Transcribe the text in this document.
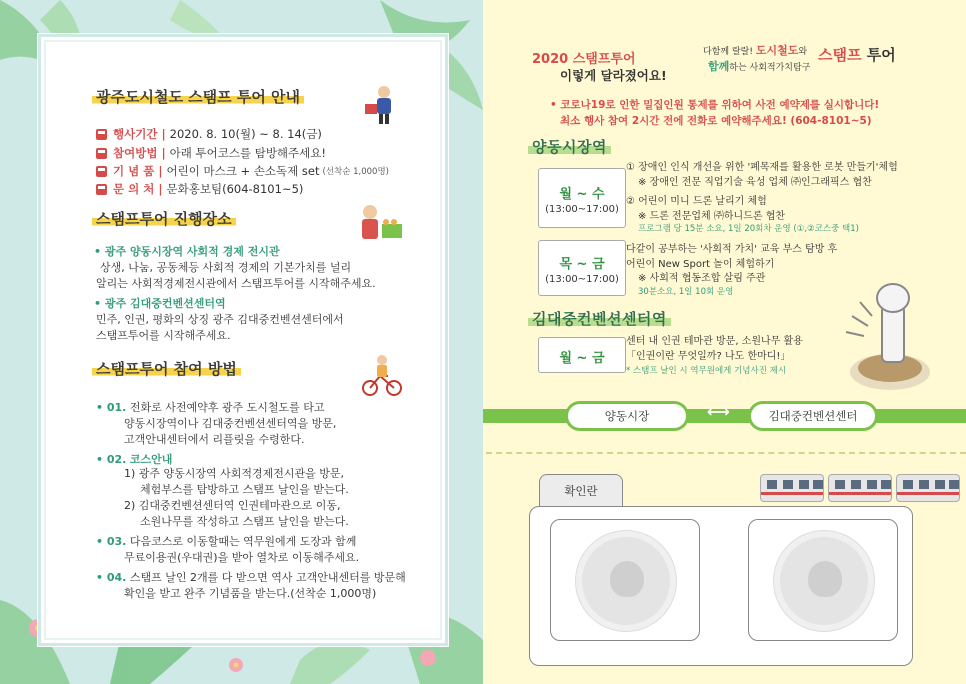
광주도시철도 스탬프 투어 안내
행사기간 | 2020. 8. 10(월) ~ 8. 14(금)
참여방법 | 아래 투어코스를 탐방해주세요!
기 념 품 | 어린이 마스크 + 손소독제 set (선착순 1,000명)
문 의 처 | 문화홍보팀(604-8101~5)
스탬프투어 진행장소
• 광주 양동시장역 사회적 경제 전시관
상생, 나눔, 공동체등 사회적 경제의 기본가치를 널리
알리는 사회적경제전시관에서 스탬프투어를 시작해주세요.
• 광주 김대중컨벤션센터역
민주, 인권, 평화의 상징 광주 김대중컨벤션센터에서
스탬프투어를 시작해주세요.
스탬프투어 참여 방법
• 01. 전화로 사전예약후 광주 도시철도를 타고
양동시장역이나 김대중컨벤션센터역을 방문,
고객안내센터에서 리플릿을 수령한다.
• 02. 코스안내
1) 광주 양동시장역 사회적경제전시관을 방문,
체험부스를 탐방하고 스탬프 날인을 받는다.
2) 김대중컨벤션센터역 인권테마관으로 이동,
소원나무를 작성하고 스탬프 날인을 받는다.
• 03. 다음코스로 이동할때는 역무원에게 도장과 함께
무료이용권(우대권)을 받아 열차로 이동해주세요.
• 04. 스탬프 날인 2개를 다 받으면 역사 고객안내센터를 방문해
확인을 받고 완주 기념품을 받는다.(선착순 1,000명)
2020 스탬프투어
이렇게 달라졌어요!
다함께 랄랄! 도시철도와
함께하는 사회적가치탐구
스탬프 투어
• 코로나19로 인한 밀집인원 통제를 위하여 사전 예약제를 실시합니다!
최소 행사 참여 2시간 전에 전화로 예약해주세요! (604-8101~5)
양동시장역
월 ~ 수
(13:00~17:00)
① 장애인 인식 개선을 위한 '폐목재를 활용한 로봇 만들기'체험
※ 장애인 전문 직업기술 육성 업체 ㈜인그래픽스 협찬
② 어린이 미니 드론 날리기 체험
※ 드론 전문업체 ㈜하니드론 협찬
프로그램 당 15분 소요, 1일 20회차 운영 (①,②코스중 택1)
목 ~ 금
(13:00~17:00)
다같이 공부하는 '사회적 가치' 교육 부스 탐방 후
어린이 New Sport 놀이 체험하기
※ 사회적 협동조합 살림 주관
30분소요, 1일 10회 운영
김대중컨벤션센터역
월 ~ 금
센터 내 인권 테마관 방문, 소원나무 활용
「인권이란 무엇일까? 나도 한마디!」
* 스탬프 날인 시 역무원에게 기념사진 제시
양동시장	⟷	김대중컨벤션센터
확인란
